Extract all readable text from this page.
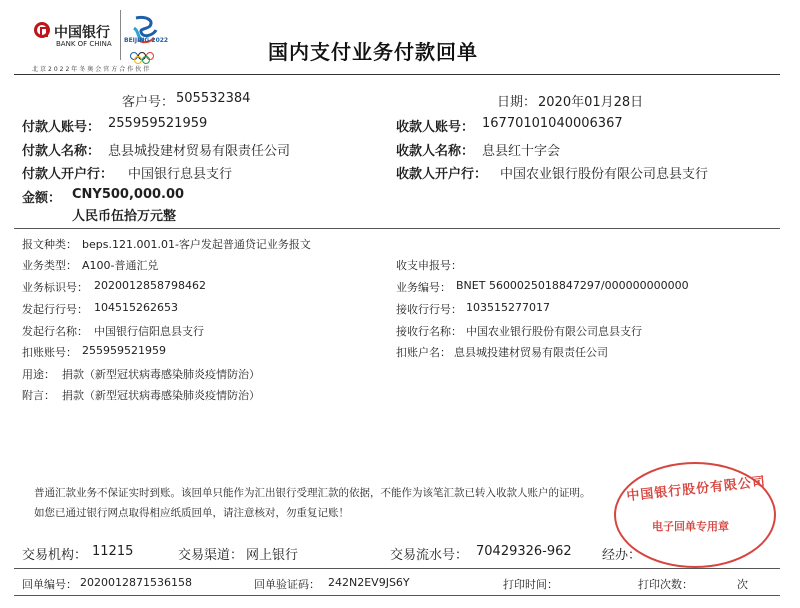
中国银行
BANK OF CHINA BEIJING 2022
北京2022年冬奥会官方合作伙伴
国内支付业务付款回单
客户号： 505532384	日期： 2020年01月28日
付款人账号： 255959521959	收款人账号： 16770101040006367
付款人名称： 息县城投建材贸易有限责任公司	收款人名称： 息县红十字会
付款人开户行： 中国银行息县支行	收款人开户行： 中国农业银行股份有限公司息县支行
金额： CNY500,000.00
人民币伍拾万元整
报文种类： beps.121.001.01-客户发起普通贷记业务报文
业务类型： A100-普通汇兑	收支申报号：
业务标识号： 2020012858798462	业务编号： BNET 5600025018847297/000000000000
发起行行号： 104515262653	接收行行号： 103515277017
发起行名称： 中国银行信阳息县支行	接收行名称： 中国农业银行股份有限公司息县支行
扣账账号： 255959521959	扣账户名： 息县城投建材贸易有限责任公司
用途： 捐款（新型冠状病毒感染肺炎疫情防治）
附言： 捐款（新型冠状病毒感染肺炎疫情防治）
普通汇款业务不保证实时到账。该回单只能作为汇出银行受理汇款的依据，不能作为该笔汇款已转入收款人账户的证明。
如您已通过银行网点取得相应纸质回单，请注意核对，勿重复记账！
中国银行股份有限公司
电子回单专用章
交易机构： 11215	交易渠道： 网上银行	交易流水号： 70429326-962 经办：
回单编号： 2020012871536158	回单验证码： 242N2EV9JS6Y	打印时间：	打印次数：	次
